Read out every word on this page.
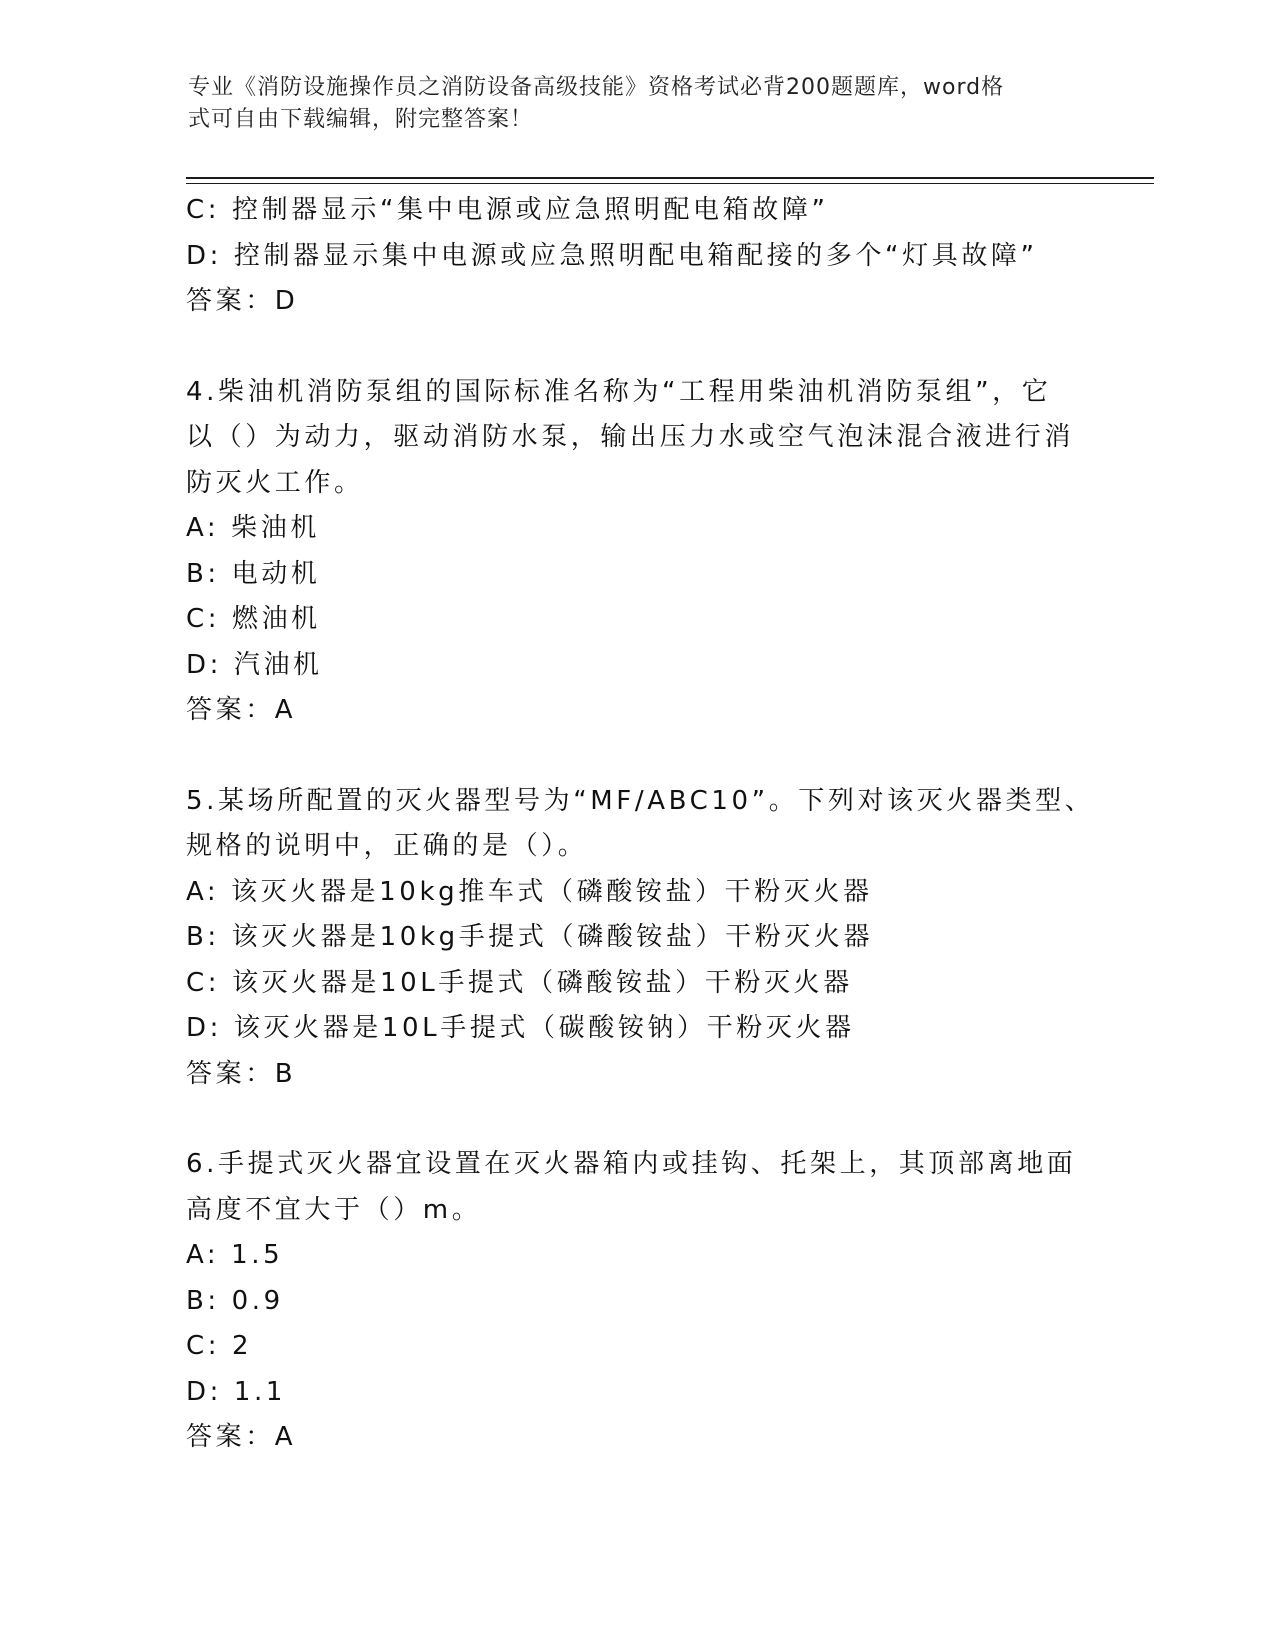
专业《消防设施操作员之消防设备高级技能》资格考试必背200题题库，word格
式可自由下载编辑，附完整答案！
C: 控制器显示“集中电源或应急照明配电箱故障”
D: 控制器显示集中电源或应急照明配电箱配接的多个“灯具故障”
答案：D
4.柴油机消防泵组的国际标准名称为“工程用柴油机消防泵组”，它
以（）为动力，驱动消防水泵，输出压力水或空气泡沫混合液进行消
防灭火工作。
A: 柴油机
B: 电动机
C: 燃油机
D: 汽油机
答案：A
5.某场所配置的灭火器型号为“MF/ABC10”。下列对该灭火器类型、
规格的说明中，正确的是（）。
A: 该灭火器是10kg推车式（磷酸铵盐）干粉灭火器
B: 该灭火器是10kg手提式（磷酸铵盐）干粉灭火器
C: 该灭火器是10L手提式（磷酸铵盐）干粉灭火器
D: 该灭火器是10L手提式（碳酸铵钠）干粉灭火器
答案：B
6.手提式灭火器宜设置在灭火器箱内或挂钩、托架上，其顶部离地面
高度不宜大于（）m。
A: 1.5
B: 0.9
C: 2
D: 1.1
答案：A
